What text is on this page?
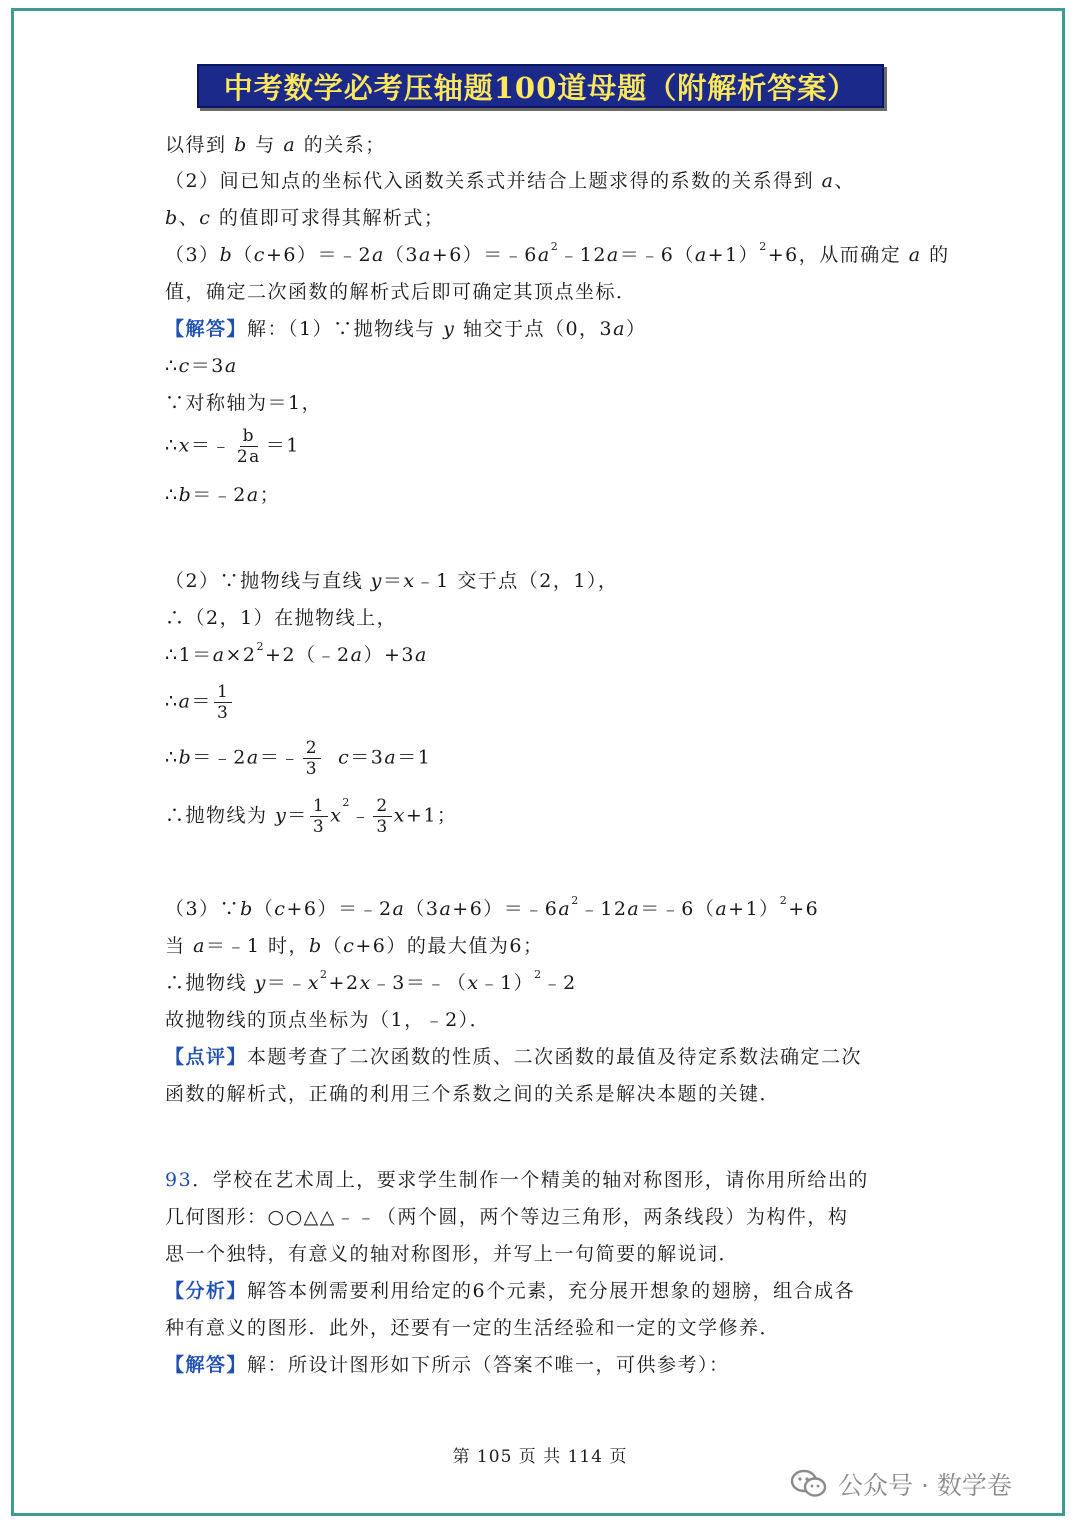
中考数学必考压轴题100道母题（附解析答案）
以得到 b 与 a 的关系；
（2）间已知点的坐标代入函数关系式并结合上题求得的系数的关系得到 a、
b、c 的值即可求得其解析式；
$(3)b(c+6)=﹣2a(3a+6)=﹣6a^2﹣12a=﹣6(a+1)^2+6$，从而确定 a 的
值，确定二次函数的解析式后即可确定其顶点坐标．
【解答】解：（1）∵抛物线与 y 轴交于点（0，3a）
∴c＝3a
∵对称轴为＝1，
∴x＝﹣ $\frac{b}{2a} =1$
∴b＝﹣2a；
（2）∵抛物线与直线 y＝x﹣1 交于点（2，1），
∴（2，1）在抛物线上，
$\therefore 1=a\times 2^2+2(﹣2a)+3a$
∴a＝ $\frac{1}{3}$
∴b＝﹣2a＝﹣ $\frac{2}{3} c=3a=1$
∴抛物线为 $y= \frac{1}{3}$ $x^2﹣ \frac{2}{3} x+1$；
$(3)\because b(c+6)=﹣2a(3a+6)=﹣6a^2﹣12a=﹣6(a+1)^2+6$
当 a＝﹣1 时，b（c+6）的最大值为6；
∴抛物线 $y=﹣x^2+2x﹣3=﹣(x﹣1)^2﹣2$
故抛物线的顶点坐标为（1，﹣2）．
【点评】本题考查了二次函数的性质、二次函数的最值及待定系数法确定二次
函数的解析式，正确的利用三个系数之间的关系是解决本题的关键．
93．学校在艺术周上，要求学生制作一个精美的轴对称图形，请你用所给出的
几何图形：○○△△﹣﹣（两个圆，两个等边三角形，两条线段）为构件，构
思一个独特，有意义的轴对称图形，并写上一句简要的解说词．
【分析】解答本例需要利用给定的6个元素，充分展开想象的翅膀，组合成各
种有意义的图形．此外，还要有一定的生活经验和一定的文学修养．
【解答】解：所设计图形如下所示（答案不唯一，可供参考）：
第 105 页 共 114 页
公众号 · 数学卷
